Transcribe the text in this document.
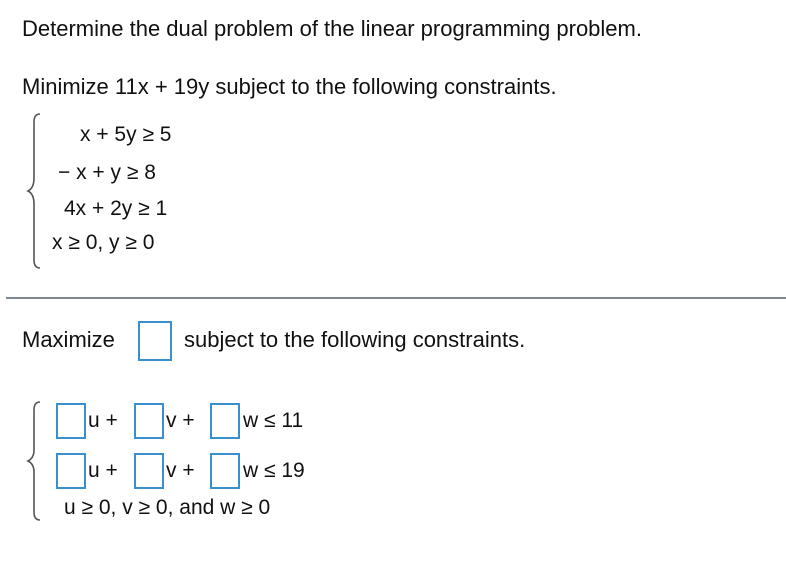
Determine the dual problem of the linear programming problem.
Minimize 11x + 19y subject to the following constraints.
x + 5y ≥ 5
− x + y ≥ 8
4x + 2y ≥ 1
x ≥ 0, y ≥ 0
Maximize	subject to the following constraints.
u + v + w ≤ 11
u + v + w ≤ 19
u ≥ 0, v ≥ 0, and w ≥ 0
